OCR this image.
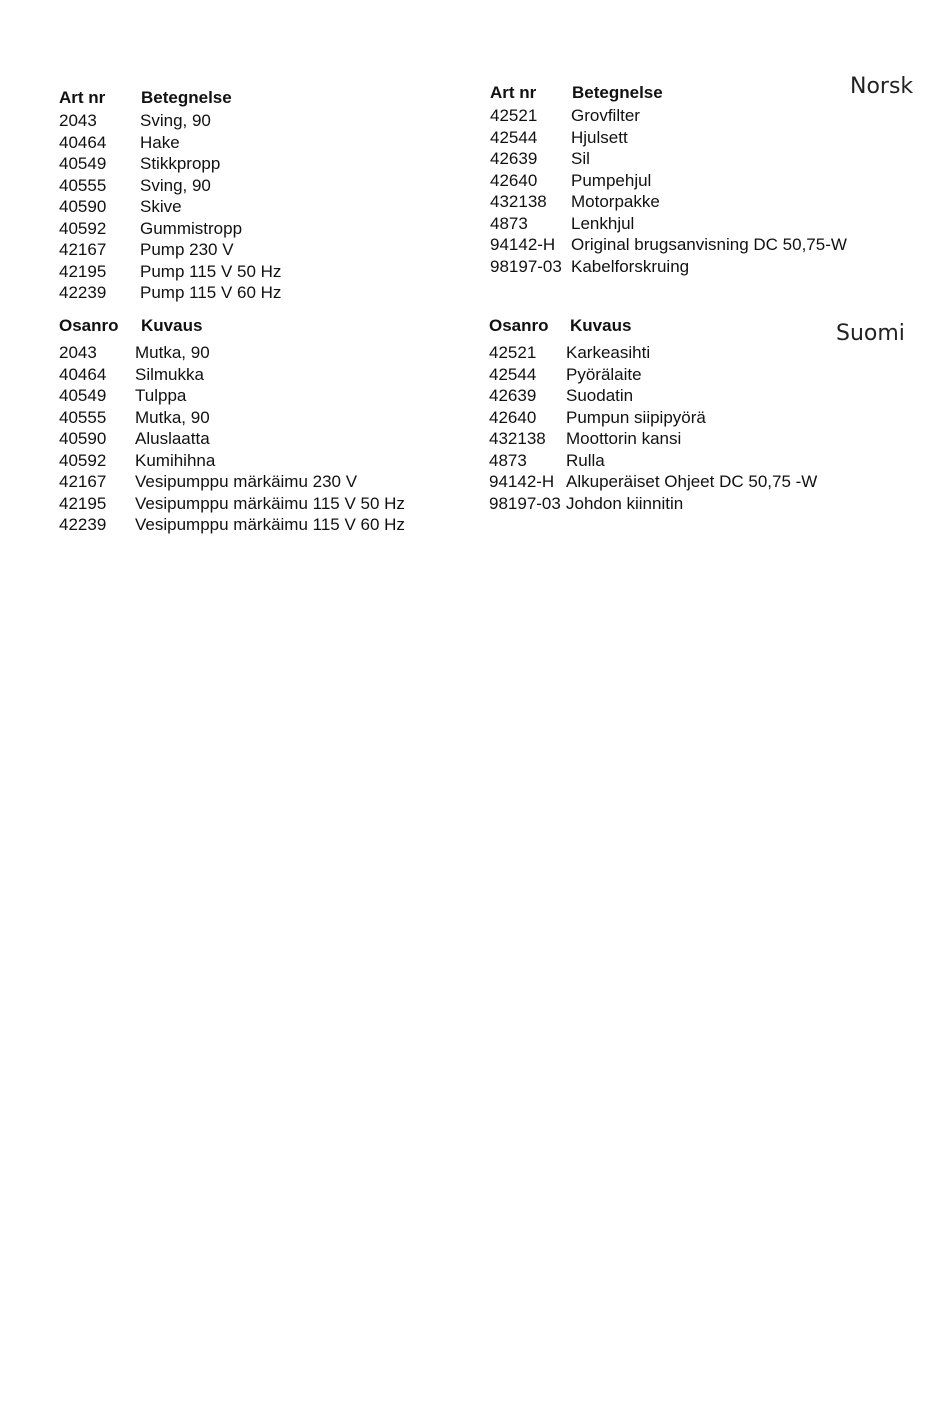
Norsk
Art nr	Betegnelse
2043	Sving, 90
40464	Hake
40549	Stikkpropp
40555	Sving, 90
40590	Skive
40592	Gummistropp
42167	Pump 230 V
42195	Pump 115 V 50 Hz
42239	Pump 115 V 60 Hz
Art nr	Betegnelse
42521	Grovfilter
42544	Hjulsett
42639	Sil
42640	Pumpehjul
432138	Motorpakke
4873	Lenkhjul
94142-H Original brugsanvisning DC 50,75-W
98197-03 Kabelforskruing
Suomi
Osanro	Kuvaus
2043	Mutka, 90
40464	Silmukka
40549	Tulppa
40555	Mutka, 90
40590	Aluslaatta
40592	Kumihihna
42167	Vesipumppu märkäimu 230 V
42195	Vesipumppu märkäimu 115 V 50 Hz
42239	Vesipumppu märkäimu 115 V 60 Hz
Osanro	Kuvaus
42521	Karkeasihti
42544	Pyörälaite
42639	Suodatin
42640	Pumpun siipipyörä
432138	Moottorin kansi
4873	Rulla
94142-H Alkuperäiset Ohjeet DC 50,75 -W
98197-03 Johdon kiinnitin
